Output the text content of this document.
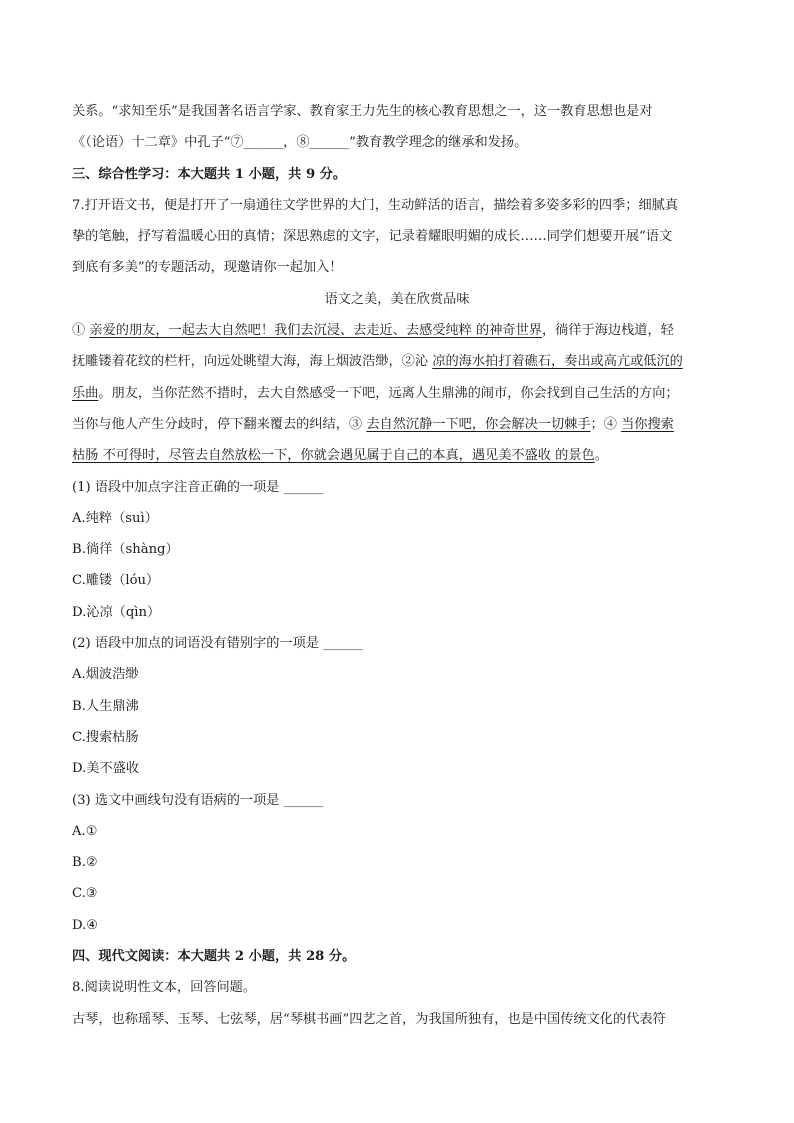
关系。“求知至乐”是我国著名语言学家、教育家王力先生的核心教育思想之一，这一教育思想也是对
《（论语）十二章》中孔子“⑦______，⑧______”教育教学理念的继承和发扬。
三、综合性学习：本大题共 1 小题，共 9 分。
7.打开语文书，便是打开了一扇通往文学世界的大门，生动鲜活的语言，描绘着多姿多彩的四季；细腻真
挚的笔触，抒写着温暖心田的真情；深思熟虑的文字，记录着耀眼明媚的成长……同学们想要开展“语文
到底有多美”的专题活动，现邀请你一起加入！
语文之美，美在欣赏品味
① 亲爱的朋友，一起去大自然吧！我们去沉浸、去走近、去感受纯粹 的神奇世界，徜徉于海边栈道，轻
抚雕镂着花纹的栏杆，向远处眺望大海，海上烟波浩缈，②沁 凉的海水拍打着礁石，奏出或高亢或低沉的
乐曲。朋友，当你茫然不措时，去大自然感受一下吧，远离人生鼎沸的闹市，你会找到自己生活的方向；
当你与他人产生分歧时，停下翻来覆去的纠结，③ 去自然沉静一下吧，你会解决一切棘手；④ 当你搜索
枯肠 不可得时，尽管去自然放松一下，你就会遇见属于自己的本真，遇见美不盛收 的景色。
(1) 语段中加点字注音正确的一项是 ______
A.纯粹（suì）
B.徜徉（shàng）
C.雕镂（lóu）
D.沁凉（qìn）
(2) 语段中加点的词语没有错别字的一项是 ______
A.烟波浩缈
B.人生鼎沸
C.搜索枯肠
D.美不盛收
(3) 选文中画线句没有语病的一项是 ______
A.①
B.②
C.③
D.④
四、现代文阅读：本大题共 2 小题，共 28 分。
8.阅读说明性文本，回答问题。
古琴，也称瑶琴、玉琴、七弦琴，居“琴棋书画”四艺之首，为我国所独有，也是中国传统文化的代表符
